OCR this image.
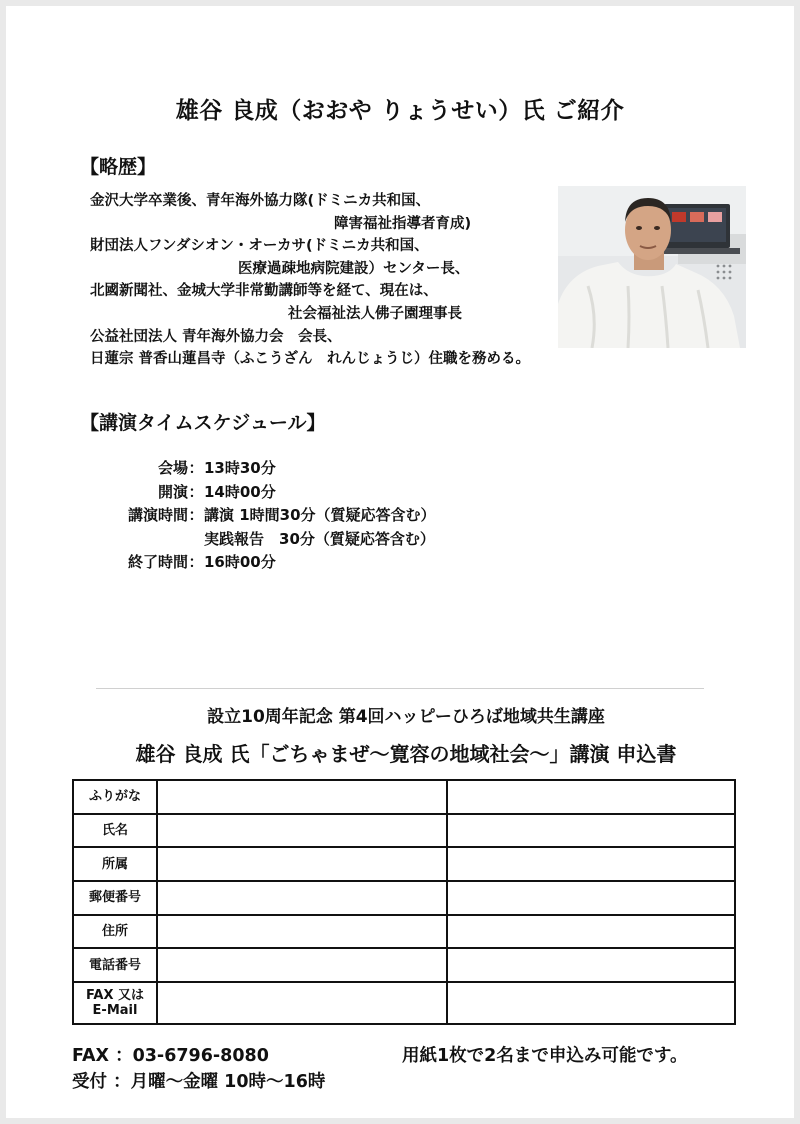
雄谷 良成（おおや りょうせい）氏 ご紹介
【略歴】
金沢大学卒業後、青年海外協力隊(ドミニカ共和国、
障害福祉指導者育成)
財団法人フンダシオン・オーカサ(ドミニカ共和国、
医療過疎地病院建設）センター長、
北國新聞社、金城大学非常勤講師等を経て、現在は、
社会福祉法人佛子園理事長
公益社団法人 青年海外協力会　会長、
日蓮宗 普香山蓮昌寺（ふこうざん　れんじょうじ）住職を務める。
【講演タイムスケジュール】
会場 ： 13時30分
開演 ： 14時00分
講演時間 ： 講演 1時間30分（質疑応答含む）
実践報告　30分（質疑応答含む）
終了時間 ： 16時00分
設立10周年記念 第4回ハッピーひろば地域共生講座
雄谷 良成 氏「ごちゃまぜ～寛容の地域社会～」講演 申込書
ふりがな		
氏名		
所属		
郵便番号		
住所		
電話番号		

FAX 又は
E-Mail		

FAX ：03-6796-8080	用紙1枚で2名まで申込み可能です。
受付 ：月曜～金曜 10時～16時
